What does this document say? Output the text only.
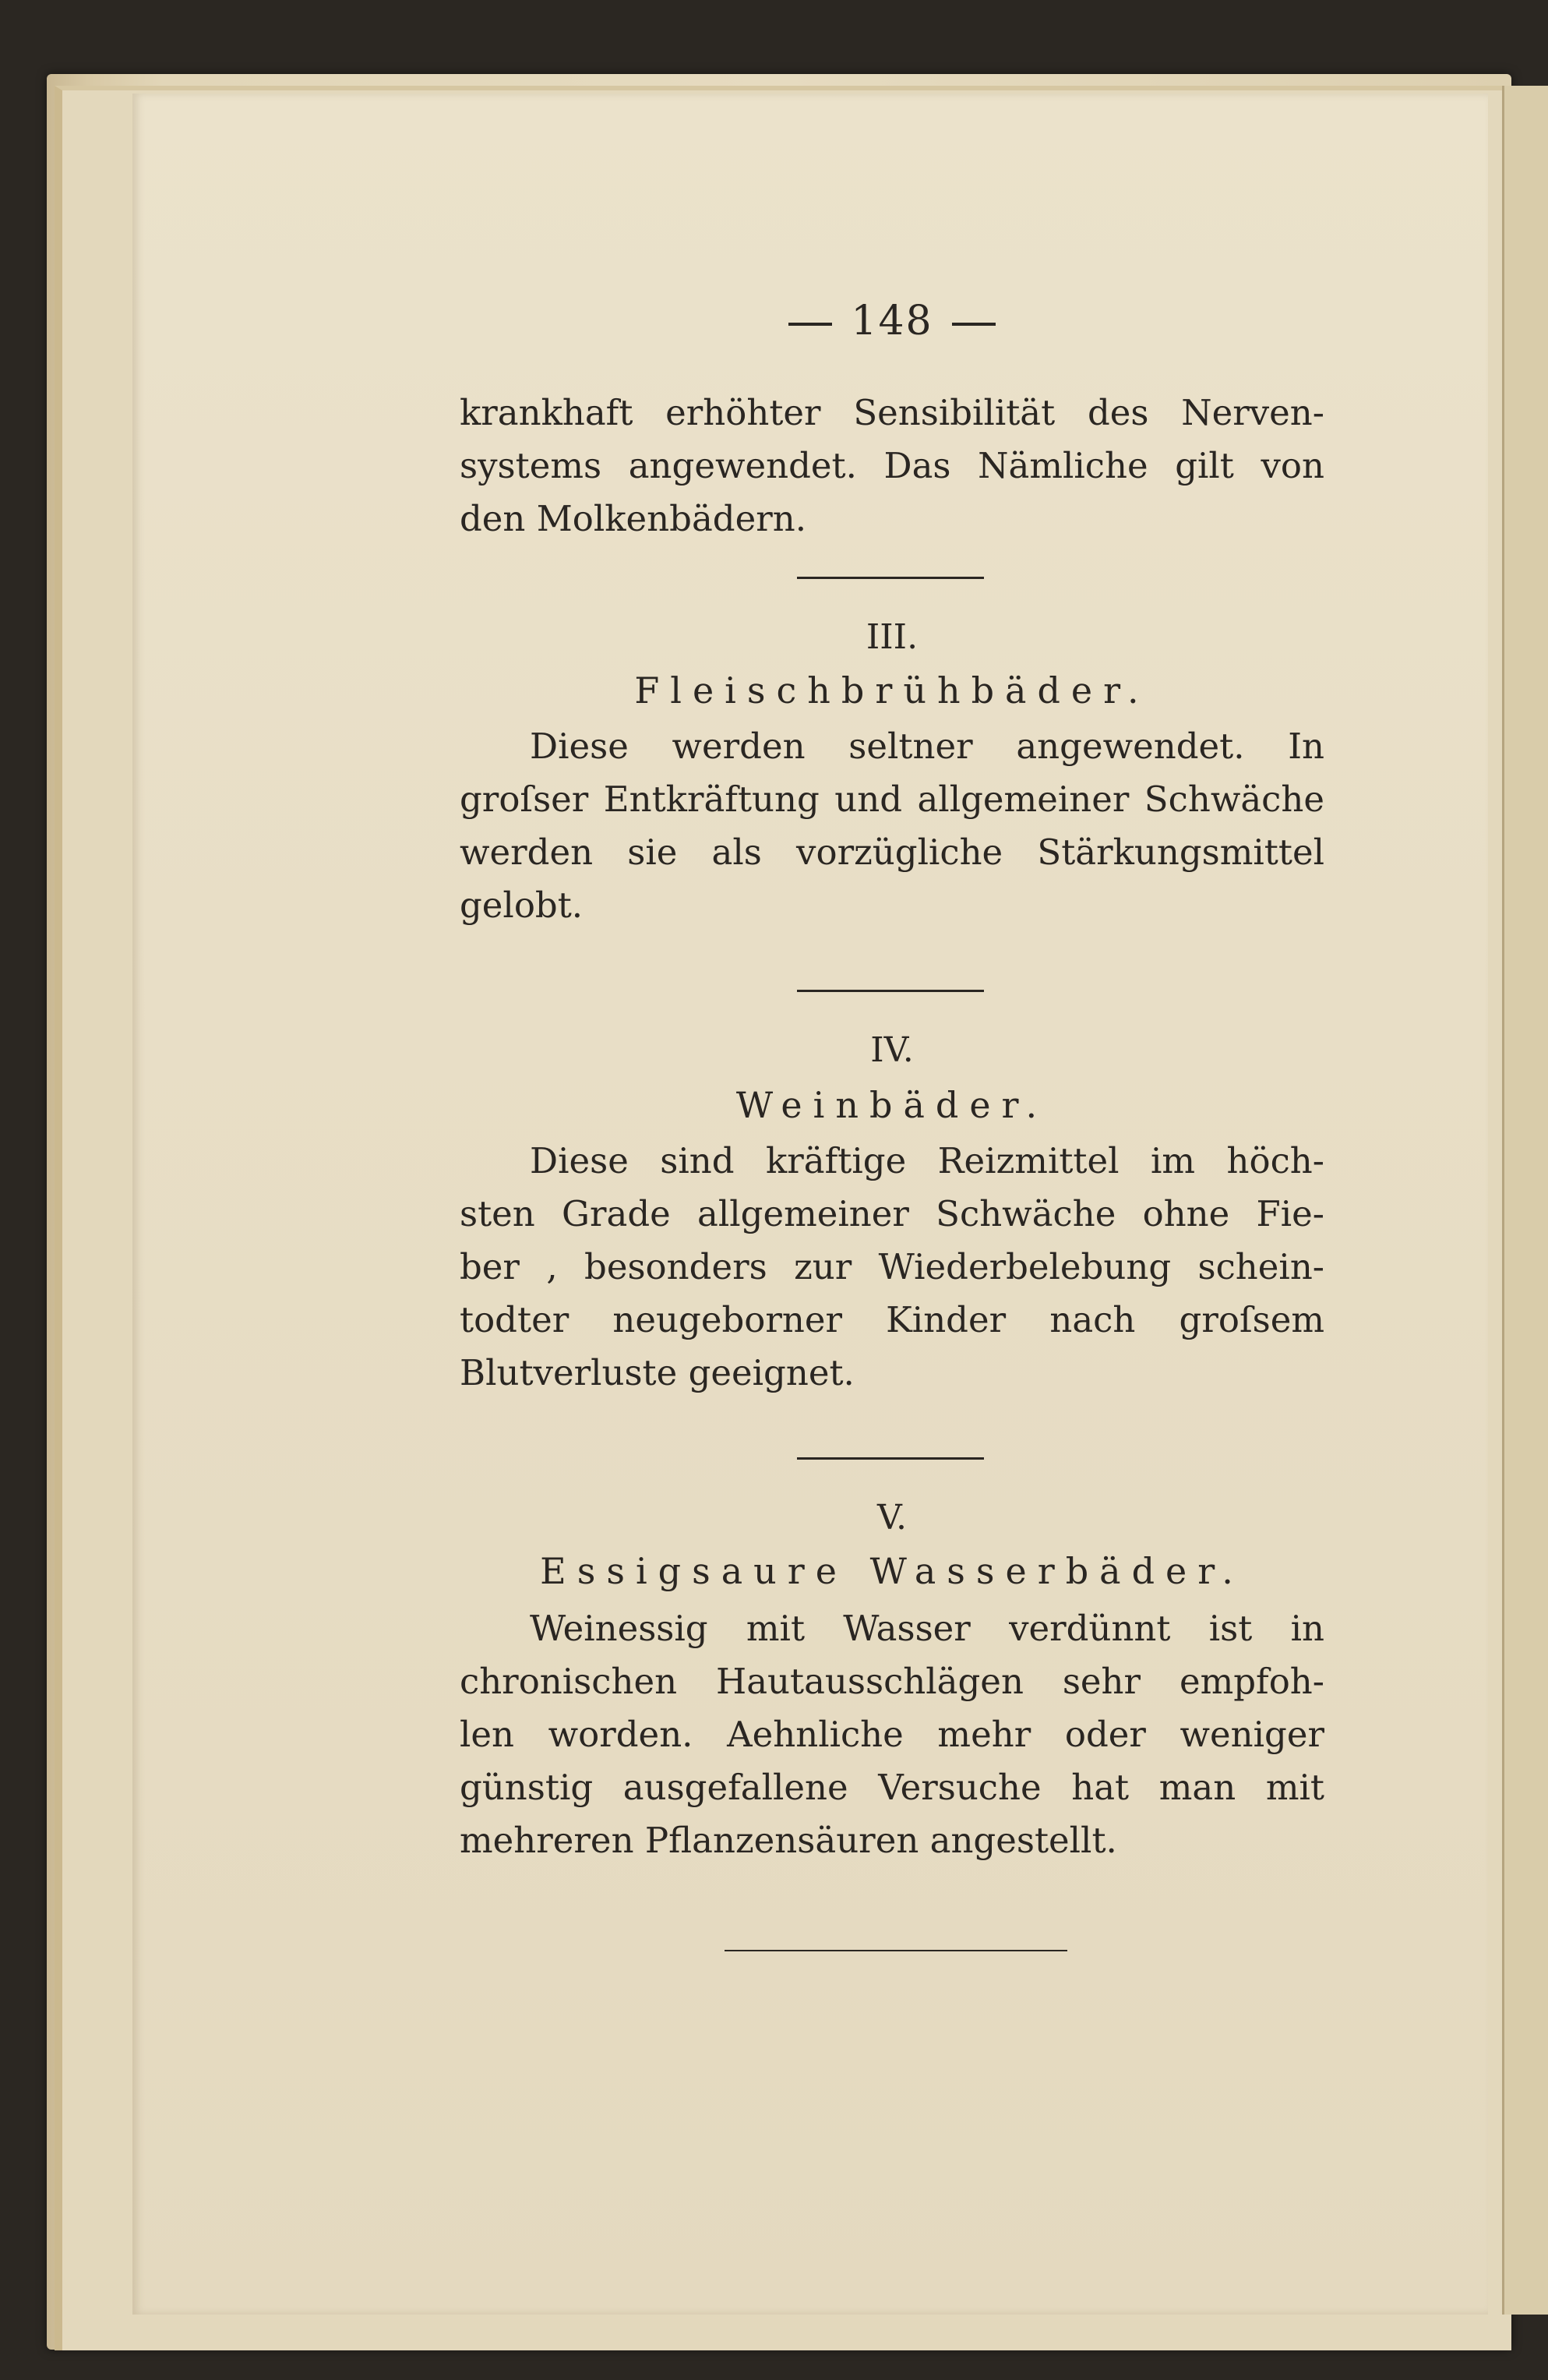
148
krankhaft erhöhter Sensibilität des Nerven-
systems angewendet. Das Nämliche gilt von
den Molkenbädern.
III.
Fleischbrühbäder.
Diese werden seltner angewendet. In
groſser Entkräftung und allgemeiner Schwäche
werden sie als vorzügliche Stärkungsmittel
gelobt.
IV.
Weinbäder.
Diese sind kräftige Reizmittel im höch-
sten Grade allgemeiner Schwäche ohne Fie-
ber , besonders zur Wiederbelebung schein-
todter neugeborner Kinder nach groſsem
Blutverluste geeignet.
V.
Essigsaure Wasserbäder.
Weinessig mit Wasser verdünnt ist in
chronischen Hautausschlägen sehr empfoh-
len worden. Aehnliche mehr oder weniger
günstig ausgefallene Versuche hat man mit
mehreren Pflanzensäuren angestellt.
